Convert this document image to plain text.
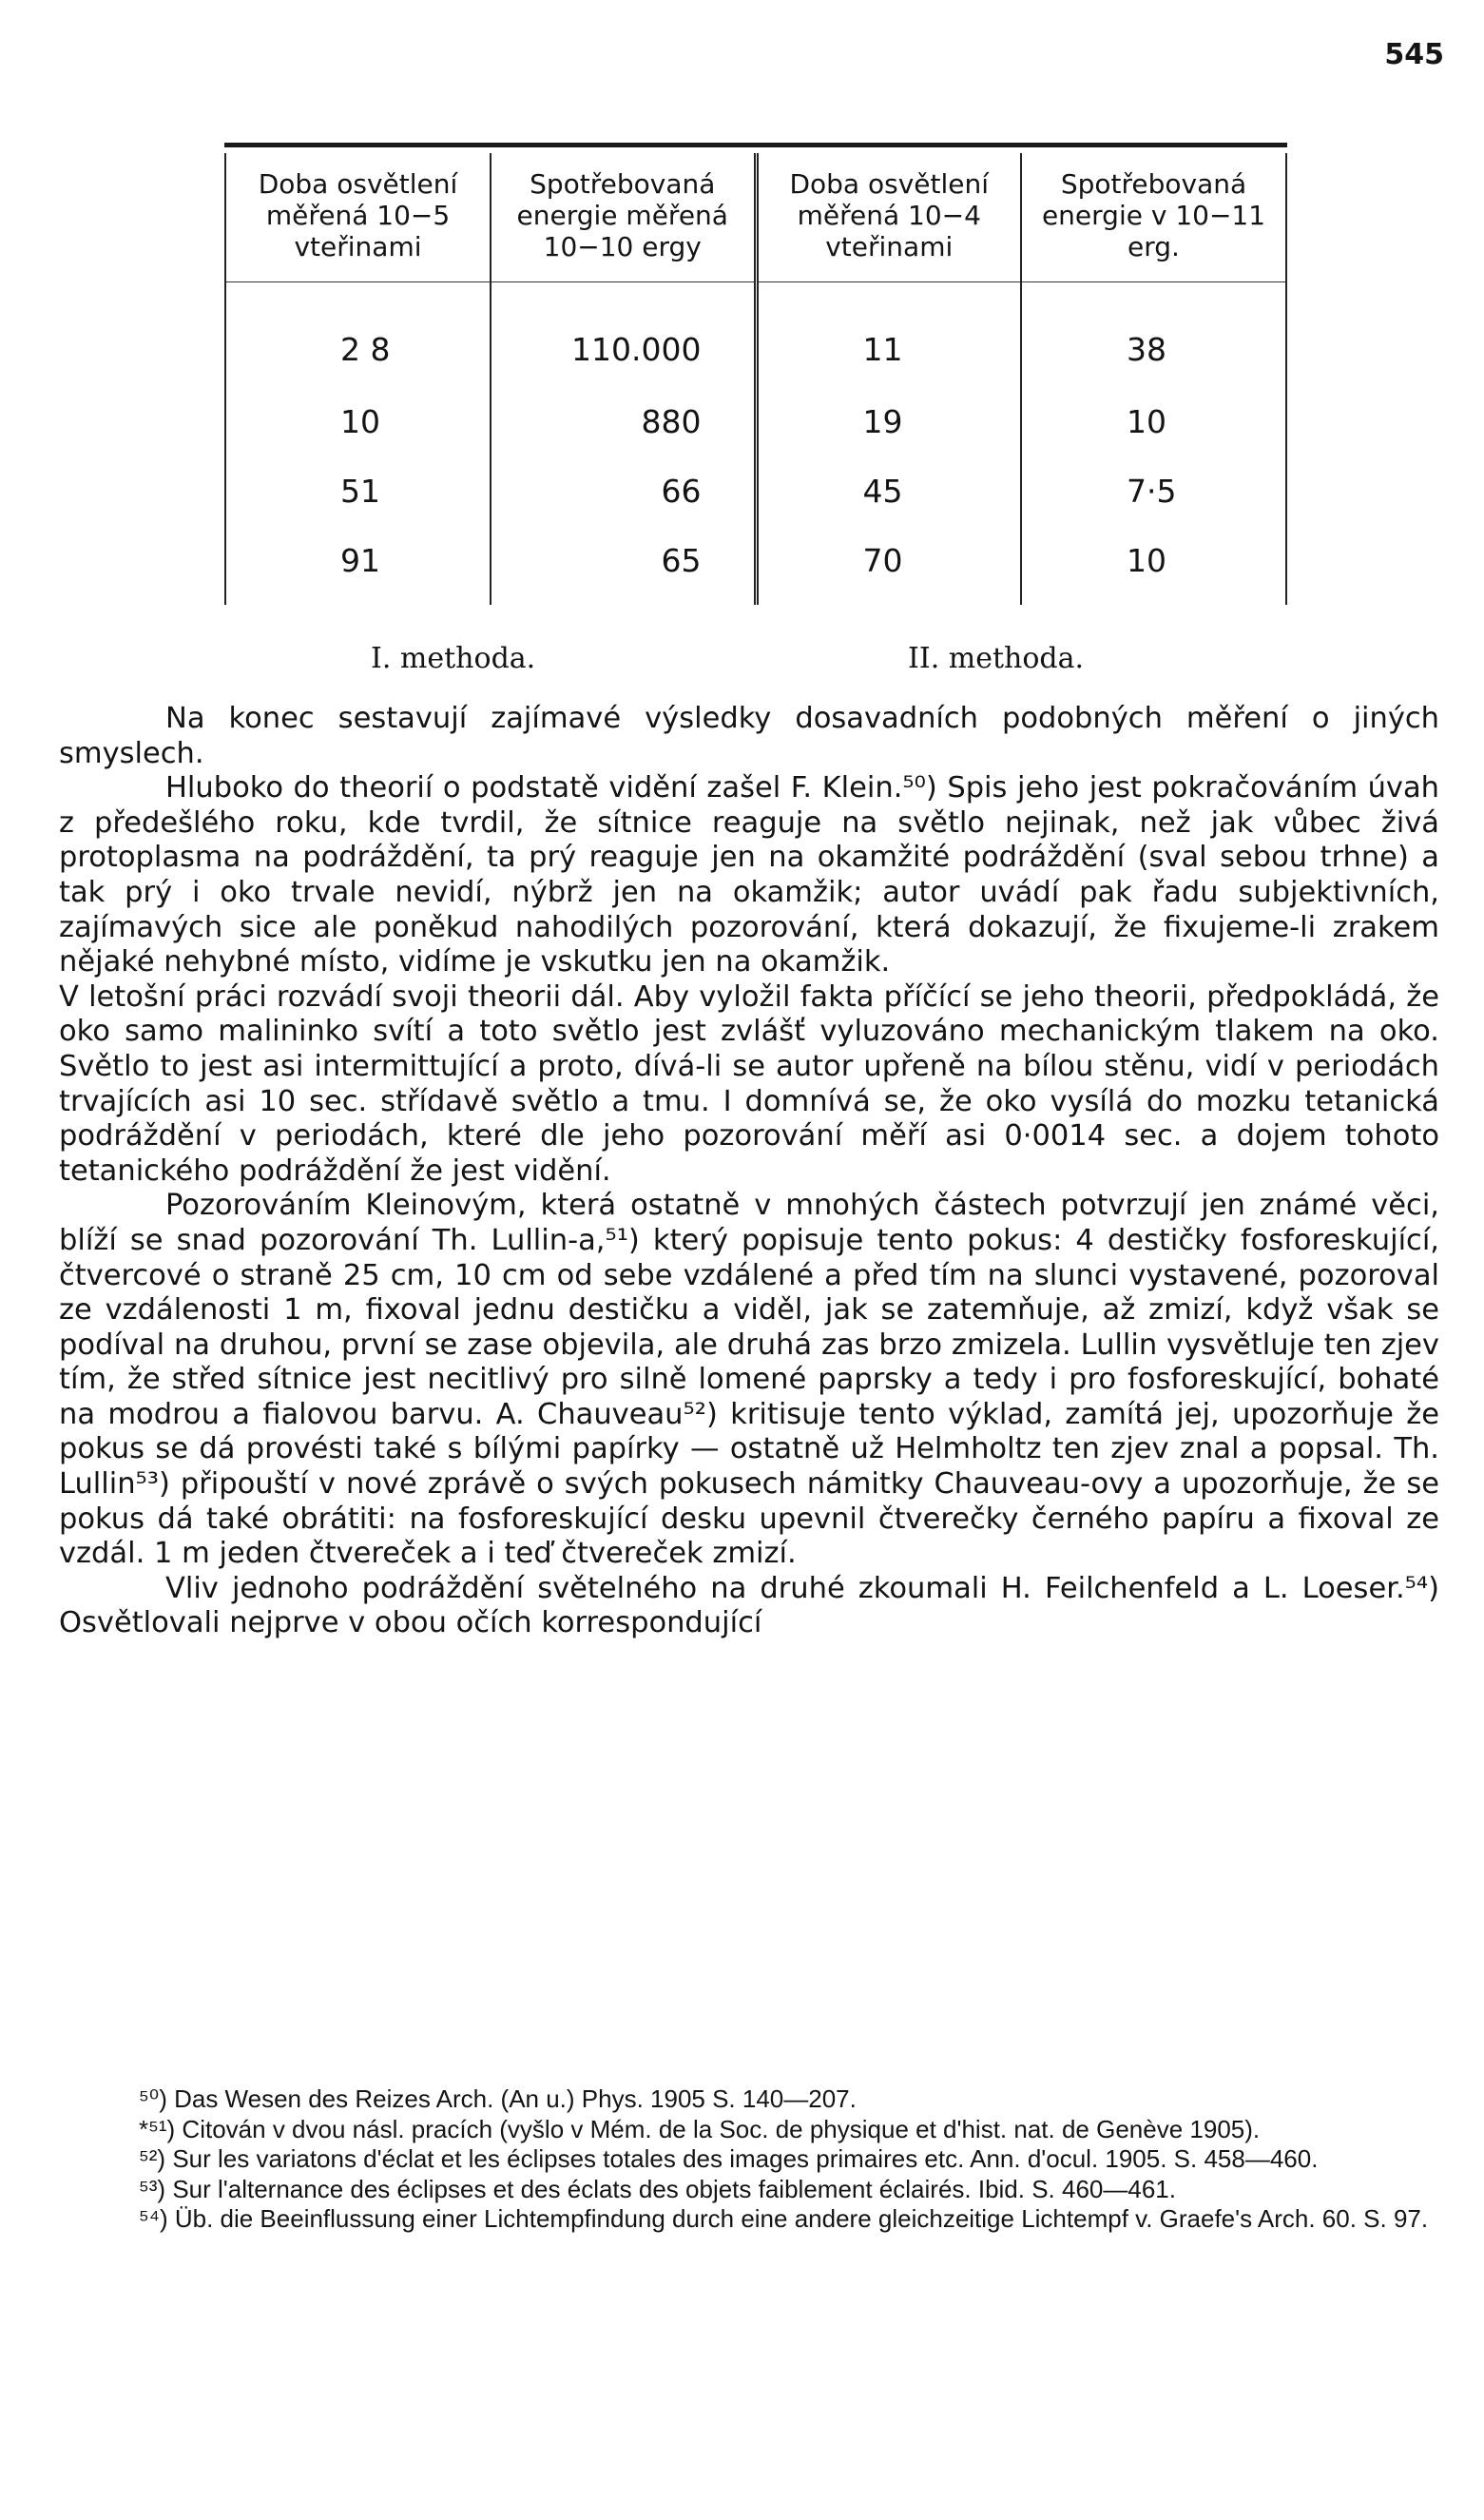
545
Doba osvětlení měřená 10−5 vteřinami	Spotřebovaná energie měřená 10−10 ergy	Doba osvětlení měřená 10−4 vteřinami	Spotřebovaná energie v 10−11 erg.
2 8	110.000	11	38
10	880	19	10
51	66	45	7·5
91	65	70	10
I. methoda.	II. methoda.

Na konec sestavují zajímavé výsledky dosavadních podobných měření o jiných smyslech.

Hluboko do theorií o podstatě vidění zašel F. Klein.⁵⁰) Spis jeho jest pokračováním úvah z předešlého roku, kde tvrdil, že sítnice reaguje na světlo nejinak, než jak vůbec živá protoplasma na podráždění, ta prý reaguje jen na okamžité podráždění (sval sebou trhne) a tak prý i oko trvale nevidí, nýbrž jen na okamžik; autor uvádí pak řadu subjektivních, zajímavých sice ale poněkud nahodilých pozorování, která dokazují, že fixujeme-li zrakem nějaké nehybné místo, vidíme je vskutku jen na okamžik.

V letošní práci rozvádí svoji theorii dál. Aby vyložil fakta příčící se jeho theorii, předpokládá, že oko samo malininko svítí a toto světlo jest zvlášť vyluzováno mechanickým tlakem na oko. Světlo to jest asi intermittující a proto, dívá-li se autor upřeně na bílou stěnu, vidí v periodách trvajících asi 10 sec. střídavě světlo a tmu. I domnívá se, že oko vysílá do mozku tetanická podráždění v periodách, které dle jeho pozorování měří asi 0·0014 sec. a dojem tohoto tetanického podráždění že jest vidění.

Pozorováním Kleinovým, která ostatně v mnohých částech potvrzují jen známé věci, blíží se snad pozorování Th. Lullin-a,⁵¹) který popisuje tento pokus: 4 destičky fosforeskující, čtvercové o straně 25 cm, 10 cm od sebe vzdálené a před tím na slunci vystavené, pozoroval ze vzdálenosti 1 m, fixoval jednu destičku a viděl, jak se zatemňuje, až zmizí, když však se podíval na druhou, první se zase objevila, ale druhá zas brzo zmizela. Lullin vysvětluje ten zjev tím, že střed sítnice jest necitlivý pro silně lomené paprsky a tedy i pro fosforeskující, bohaté na modrou a fialovou barvu. A. Chauveau⁵²) kritisuje tento výklad, zamítá jej, upozorňuje že pokus se dá provésti také s bílými papírky — ostatně už Helmholtz ten zjev znal a popsal. Th. Lullin⁵³) připouští v nové zprávě o svých pokusech námitky Chauveau-ovy a upozorňuje, že se pokus dá také obrátiti: na fosforeskující desku upevnil čtverečky černého papíru a fixoval ze vzdál. 1 m jeden čtvereček a i teď čtvereček zmizí.

Vliv jednoho podráždění světelného na druhé zkoumali H. Feilchenfeld a L. Loeser.⁵⁴) Osvětlovali nejprve v obou očích korrespondující

⁵⁰) Das Wesen des Reizes Arch. (An u.) Phys. 1905 S. 140—207.

*⁵¹) Citován v dvou násl. pracích (vyšlo v Mém. de la Soc. de physique et d'hist. nat. de Genève 1905).

⁵²) Sur les variatons d'éclat et les éclipses totales des images primaires etc. Ann. d'ocul. 1905. S. 458—460.

⁵³) Sur l'alternance des éclipses et des éclats des objets faiblement éclairés. Ibid. S. 460—461.

⁵⁴) Üb. die Beeinflussung einer Lichtempfindung durch eine andere gleichzeitige Lichtempf v. Graefe's Arch. 60. S. 97.
